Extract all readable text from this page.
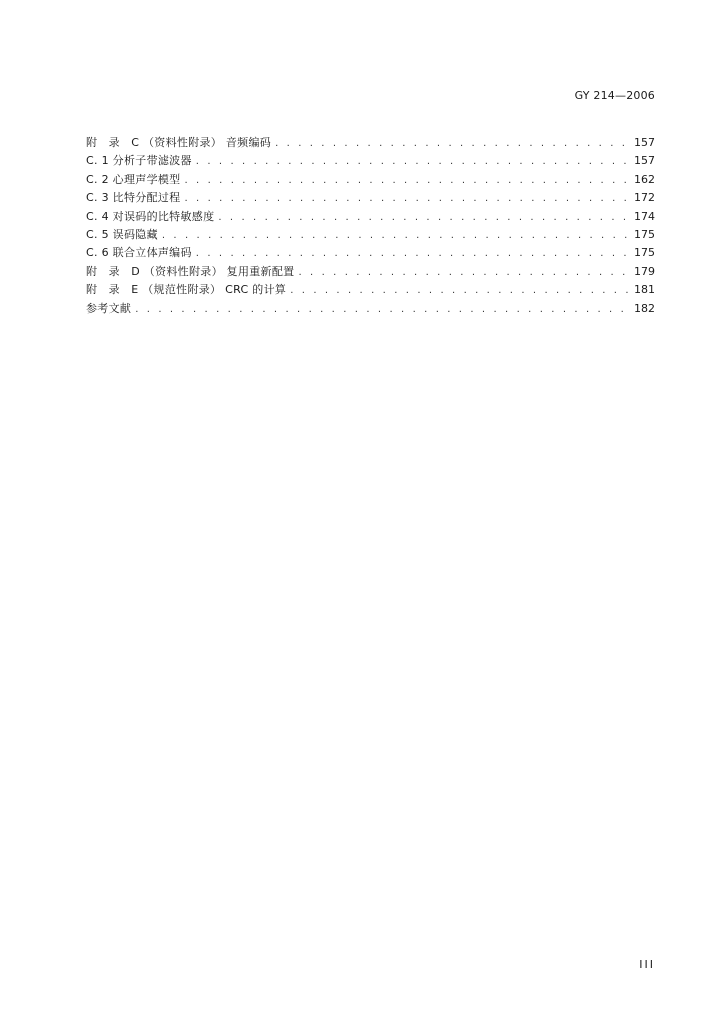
GY 214—2006
附　录　C （资料性附录） 音频编码 . . .	157
C. 1 分析子带滤波器 . . .	157
C. 2 心理声学模型 . . .	162
C. 3 比特分配过程 . . .	172
C. 4 对误码的比特敏感度 . . .	174
C. 5 误码隐藏 . . .	175
C. 6 联合立体声编码 . . .	175
附　录　D （资料性附录） 复用重新配置 . . .	179
附　录　E （规范性附录） CRC 的计算 . . .	181
参考文献 . . .	182
III
